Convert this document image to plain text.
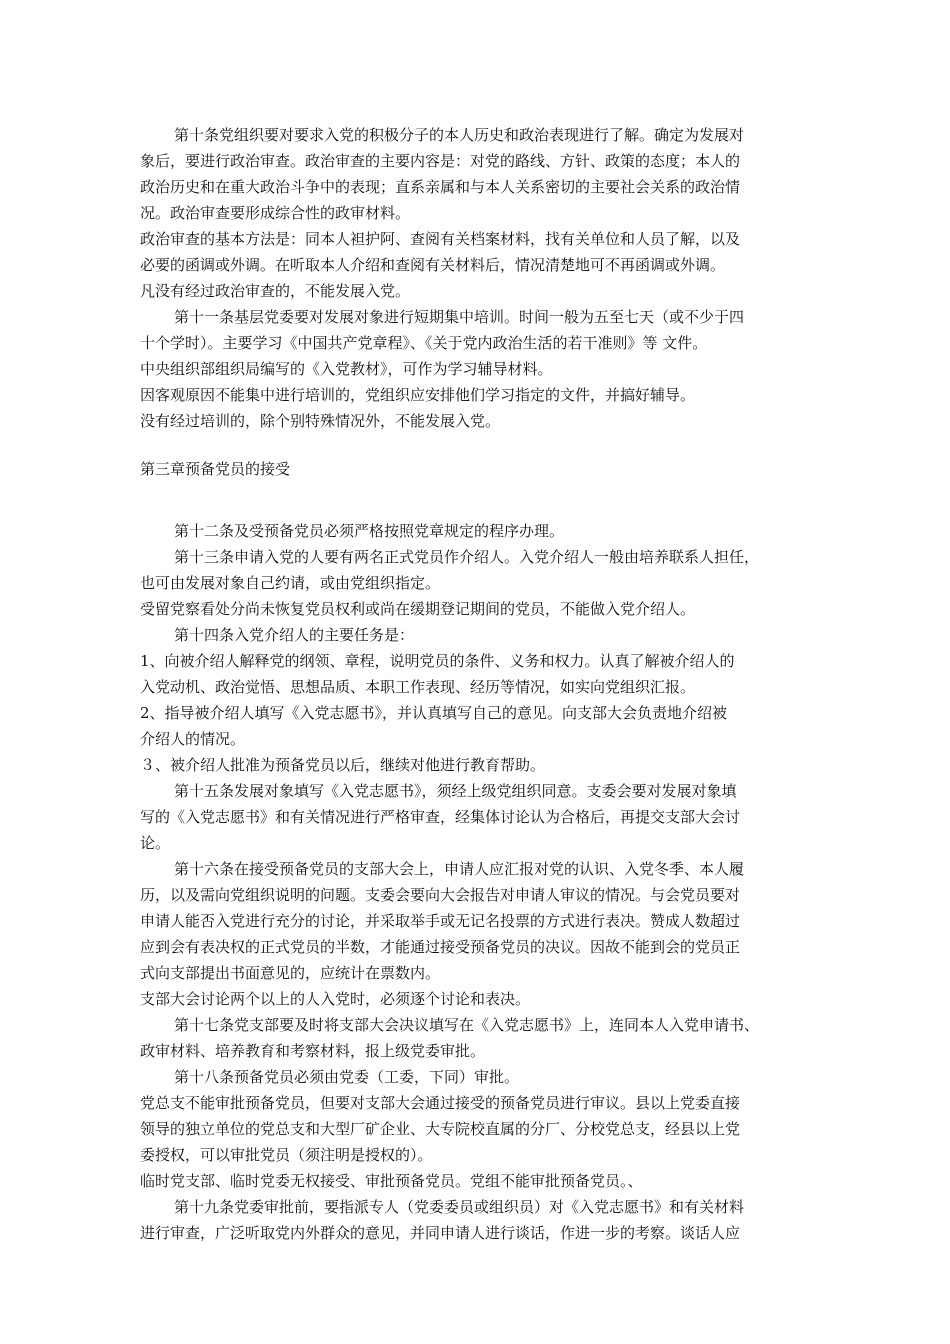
第十条党组织要对要求入党的积极分子的本人历史和政治表现进行了解。确定为发展对
象后，要进行政治审查。政治审查的主要内容是：对党的路线、方针、政策的态度；本人的
政治历史和在重大政治斗争中的表现；直系亲属和与本人关系密切的主要社会关系的政治情
况。政治审查要形成综合性的政审材料。
政治审查的基本方法是：同本人袒护阿、查阅有关档案材料，找有关单位和人员了解，以及
必要的函调或外调。在听取本人介绍和查阅有关材料后，情况清楚地可不再函调或外调。
凡没有经过政治审查的，不能发展入党。
第十一条基层党委要对发展对象进行短期集中培训。时间一般为五至七天（或不少于四
十个学时）。主要学习《中国共产党章程》、《关于党内政治生活的若干准则》等 文件。
中央组织部组织局编写的《入党教材》，可作为学习辅导材料。
因客观原因不能集中进行培训的，党组织应安排他们学习指定的文件，并搞好辅导。
没有经过培训的，除个别特殊情况外，不能发展入党。
第三章预备党员的接受
第十二条及受预备党员必须严格按照党章规定的程序办理。
第十三条申请入党的人要有两名正式党员作介绍人。入党介绍人一般由培养联系人担任，
也可由发展对象自己约请，或由党组织指定。
受留党察看处分尚未恢复党员权利或尚在缓期登记期间的党员，不能做入党介绍人。
第十四条入党介绍人的主要任务是：
1、向被介绍人解释党的纲领、章程，说明党员的条件、义务和权力。认真了解被介绍人的
入党动机、政治觉悟、思想品质、本职工作表现、经历等情况，如实向党组织汇报。
2、指导被介绍人填写《入党志愿书》，并认真填写自己的意见。向支部大会负责地介绍被
介绍人的情况。
３、被介绍人批准为预备党员以后，继续对他进行教育帮助。
第十五条发展对象填写《入党志愿书》，须经上级党组织同意。支委会要对发展对象填
写的《入党志愿书》和有关情况进行严格审查，经集体讨论认为合格后，再提交支部大会讨
论。
第十六条在接受预备党员的支部大会上，申请人应汇报对党的认识、入党冬季、本人履
历，以及需向党组织说明的问题。支委会要向大会报告对申请人审议的情况。与会党员要对
申请人能否入党进行充分的讨论，并采取举手或无记名投票的方式进行表决。赞成人数超过
应到会有表决权的正式党员的半数，才能通过接受预备党员的决议。因故不能到会的党员正
式向支部提出书面意见的，应统计在票数内。
支部大会讨论两个以上的人入党时，必须逐个讨论和表决。
第十七条党支部要及时将支部大会决议填写在《入党志愿书》上，连同本人入党申请书、
政审材料、培养教育和考察材料，报上级党委审批。
第十八条预备党员必须由党委（工委，下同）审批。
党总支不能审批预备党员，但要对支部大会通过接受的预备党员进行审议。县以上党委直接
领导的独立单位的党总支和大型厂矿企业、大专院校直属的分厂、分校党总支，经县以上党
委授权，可以审批党员（须注明是授权的）。
临时党支部、临时党委无权接受、审批预备党员。党组不能审批预备党员。、
第十九条党委审批前，要指派专人（党委委员或组织员）对《入党志愿书》和有关材料
进行审查，广泛听取党内外群众的意见，并同申请人进行谈话，作进一步的考察。谈话人应
